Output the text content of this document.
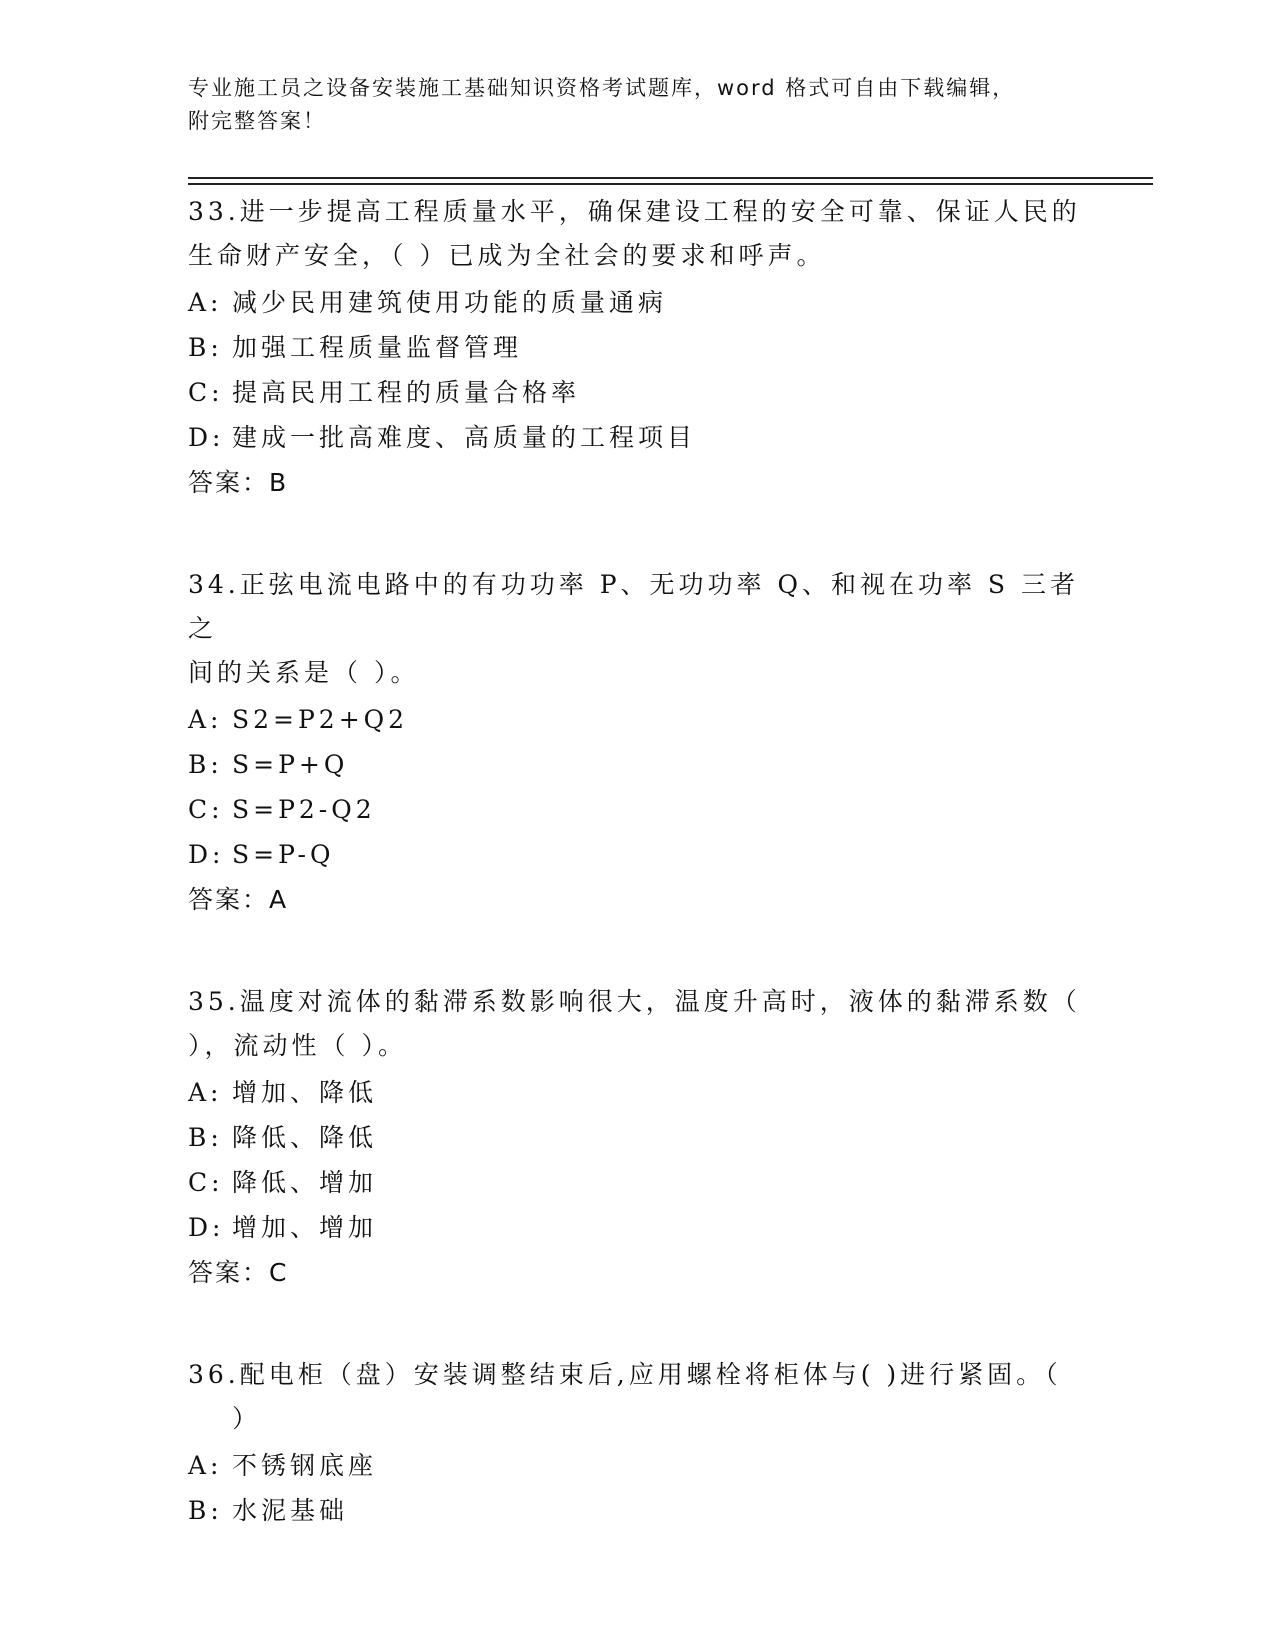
专业施工员之设备安装施工基础知识资格考试题库，word 格式可自由下载编辑，
附完整答案！
33.进一步提高工程质量水平，确保建设工程的安全可靠、保证人民的
生命财产安全，（ ）已成为全社会的要求和呼声。
A: 减少民用建筑使用功能的质量通病
B: 加强工程质量监督管理
C: 提高民用工程的质量合格率
D: 建成一批高难度、高质量的工程项目
答案：B
34.正弦电流电路中的有功功率 P、无功功率 Q、和视在功率 S 三者之
间的关系是（ ）。
A: S2=P2+Q2
B: S=P+Q
C: S=P2-Q2
D: S=P-Q
答案：A
35.温度对流体的黏滞系数影响很大，温度升高时，液体的黏滞系数（
），流动性（ ）。
A: 增加、降低
B: 降低、降低
C: 降低、增加
D: 增加、增加
答案：C
36.配电柜（盘）安装调整结束后,应用螺栓将柜体与( )进行紧固。（
）
A: 不锈钢底座
B: 水泥基础
